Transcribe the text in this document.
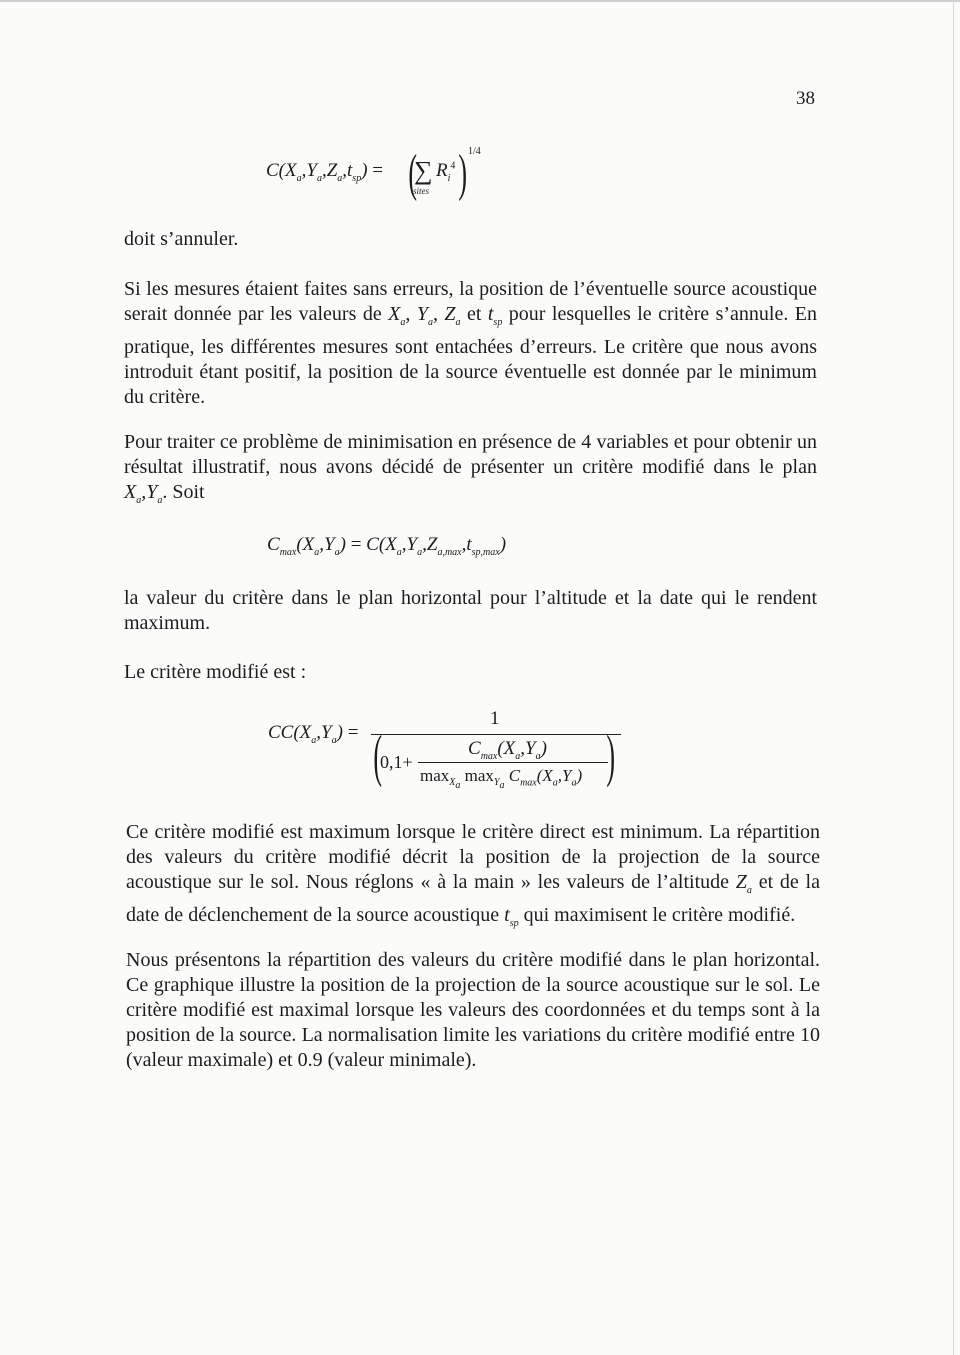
38
$C(X_a,Y_a,Z_a,t_{sp})$ = (
∑
sites
$R_i^4$ ) 1/4

doit s’annuler.

Si les mesures étaient faites sans erreurs, la position de l’éventuelle source acoustique serait donnée par les valeurs de $X_a$, $Y_a$, $Z_a$ et $t_{sp}$ pour lesquelles le critère s’annule. En pratique, les différentes mesures sont entachées d’erreurs. Le critère que nous avons introduit étant positif, la position de la source éventuelle est donnée par le minimum du critère.

Pour traiter ce problème de minimisation en présence de 4 variables et pour obtenir un résultat illustratif, nous avons décidé de présenter un critère modifié dans le plan $X_a,Y_a$. Soit

$C_{max}(X_a,Y_a) = C(X_a,Y_a,Z_{a,max},t_{sp,max})$

la valeur du critère dans le plan horizontal pour l’altitude et la date qui le rendent maximum.

Le critère modifié est :

$CC(X_a,Y_a)$ =
1
(
0,1+
$C_{max}(X_a,Y_a)$
$\max_{X_a} \max_{Y_a} C_{max}(X_a,Y_a)$ )

Ce critère modifié est maximum lorsque le critère direct est minimum. La répartition des valeurs du critère modifié décrit la position de la projection de la source acoustique sur le sol. Nous réglons « à la main » les valeurs de l’altitude $Z_a$ et de la date de déclenchement de la source acoustique $t_{sp}$ qui maximisent le critère modifié.

Nous présentons la répartition des valeurs du critère modifié dans le plan horizontal. Ce graphique illustre la position de la projection de la source acoustique sur le sol. Le critère modifié est maximal lorsque les valeurs des coordonnées et du temps sont à la position de la source. La normalisation limite les variations du critère modifié entre 10 (valeur maximale) et 0.9 (valeur minimale).
